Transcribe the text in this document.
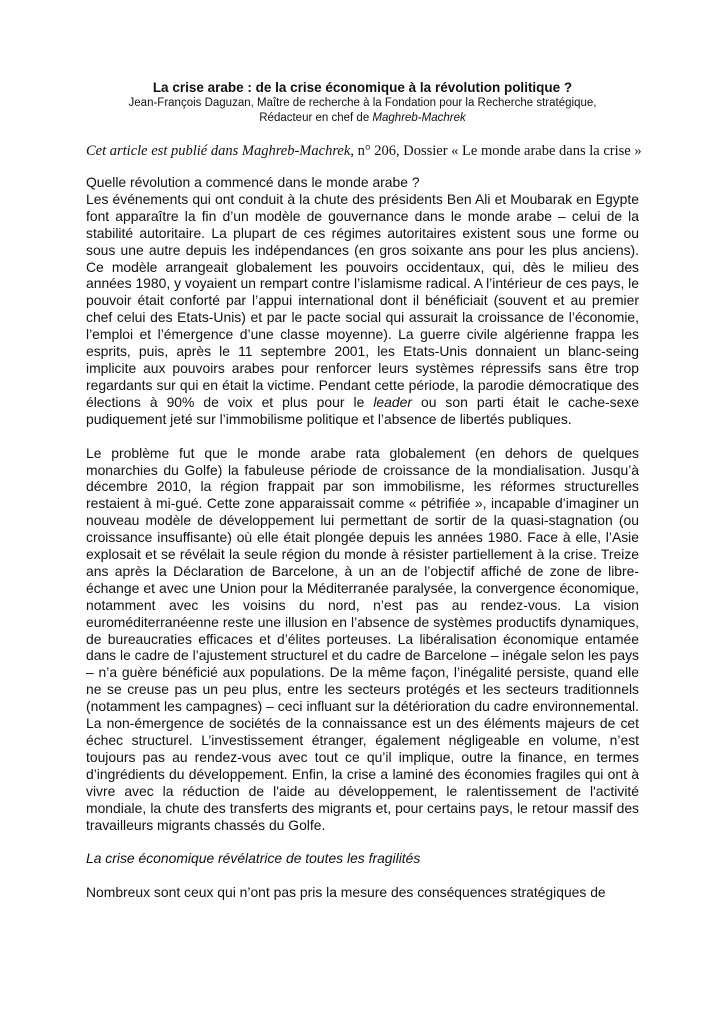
La crise arabe : de la crise économique à la révolution politique ?

Jean-François Daguzan, Maître de recherche à la Fondation pour la Recherche stratégique,

Rédacteur en chef de Maghreb-Machrek

Cet article est publié dans Maghreb-Machrek, n° 206, Dossier « Le monde arabe dans la crise »

Quelle révolution a commencé dans le monde arabe ?

Les événements qui ont conduit à la chute des présidents Ben Ali et Moubarak en Egypte font apparaître la fin d’un modèle de gouvernance dans le monde arabe – celui de la stabilité autoritaire. La plupart de ces régimes autoritaires existent sous une forme ou sous une autre depuis les indépendances (en gros soixante ans pour les plus anciens). Ce modèle arrangeait globalement les pouvoirs occidentaux, qui, dès le milieu des années 1980, y voyaient un rempart contre l’islamisme radical. A l’intérieur de ces pays, le pouvoir était conforté par l’appui international dont il bénéficiait (souvent et au premier chef celui des Etats-Unis) et par le pacte social qui assurait la croissance de l’économie, l’emploi et l’émergence d’une classe moyenne). La guerre civile algérienne frappa les esprits, puis, après le 11 septembre 2001, les Etats-Unis donnaient un blanc-seing implicite aux pouvoirs arabes pour renforcer leurs systèmes répressifs sans être trop regardants sur qui en était la victime. Pendant cette période, la parodie démocratique des élections à 90% de voix et plus pour le leader ou son parti était le cache-sexe pudiquement jeté sur l’immobilisme politique et l’absence de libertés publiques.

Le problème fut que le monde arabe rata globalement (en dehors de quelques monarchies du Golfe) la fabuleuse période de croissance de la mondialisation. Jusqu’à décembre 2010, la région frappait par son immobilisme, les réformes structurelles restaient à mi-gué. Cette zone apparaissait comme « pétrifiée », incapable d’imaginer un nouveau modèle de développement lui permettant de sortir de la quasi-stagnation (ou croissance insuffisante) où elle était plongée depuis les années 1980. Face à elle, l’Asie explosait et se révélait la seule région du monde à résister partiellement à la crise. Treize ans après la Déclaration de Barcelone, à un an de l’objectif affiché de zone de libre-échange et avec une Union pour la Méditerranée paralysée, la convergence économique, notamment avec les voisins du nord, n’est pas au rendez-vous. La vision euroméditerranéenne reste une illusion en l’absence de systèmes productifs dynamiques, de bureaucraties efficaces et d’élites porteuses. La libéralisation économique entamée dans le cadre de l’ajustement structurel et du cadre de Barcelone – inégale selon les pays – n’a guère bénéficié aux populations. De la même façon, l’inégalité persiste, quand elle ne se creuse pas un peu plus, entre les secteurs protégés et les secteurs traditionnels (notamment les campagnes) – ceci influant sur la détérioration du cadre environnemental. La non-émergence de sociétés de la connaissance est un des éléments majeurs de cet échec structurel. L’investissement étranger, également négligeable en volume, n’est toujours pas au rendez-vous avec tout ce qu’il implique, outre la finance, en termes d’ingrédients du développement. Enfin, la crise a laminé des économies fragiles qui ont à vivre avec la réduction de l'aide au développement, le ralentissement de l'activité mondiale, la chute des transferts des migrants et, pour certains pays, le retour massif des travailleurs migrants chassés du Golfe.

La crise économique révélatrice de toutes les fragilités

Nombreux sont ceux qui n’ont pas pris la mesure des conséquences stratégiques de
